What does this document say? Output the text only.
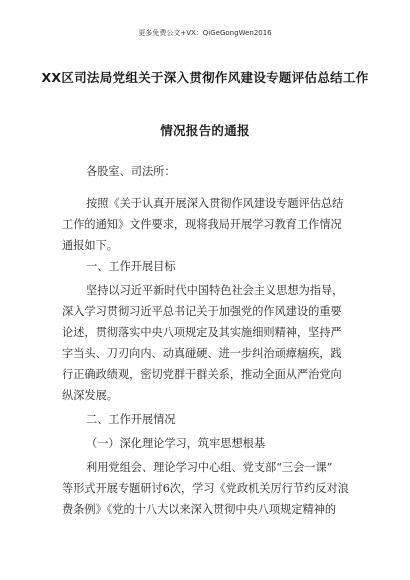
更多免费公文+VX：QiGeGongWen2016
XX区司法局党组关于深入贯彻作风建设专题评估总结工作
情况报告的通报
各股室、司法所：
按照《关于认真开展深入贯彻作风建设专题评估总结
工作的通知》文件要求，现将我局开展学习教育工作情况
通报如下。
一、工作开展目标
坚持以习近平新时代中国特色社会主义思想为指导，
深入学习贯彻习近平总书记关于加强党的作风建设的重要
论述，贯彻落实中央八项规定及其实施细则精神，坚持严
字当头、刀刃向内、动真碰硬、进一步纠治顽瘴痼疾，践
行正确政绩观，密切党群干群关系，推动全面从严治党向
纵深发展。
二、工作开展情况
（一）深化理论学习，筑牢思想根基
利用党组会、理论学习中心组、党支部“三会一课”
等形式开展专题研讨6次，学习《党政机关厉行节约反对浪
费条例》《党的十八大以来深入贯彻中央八项规定精神的
